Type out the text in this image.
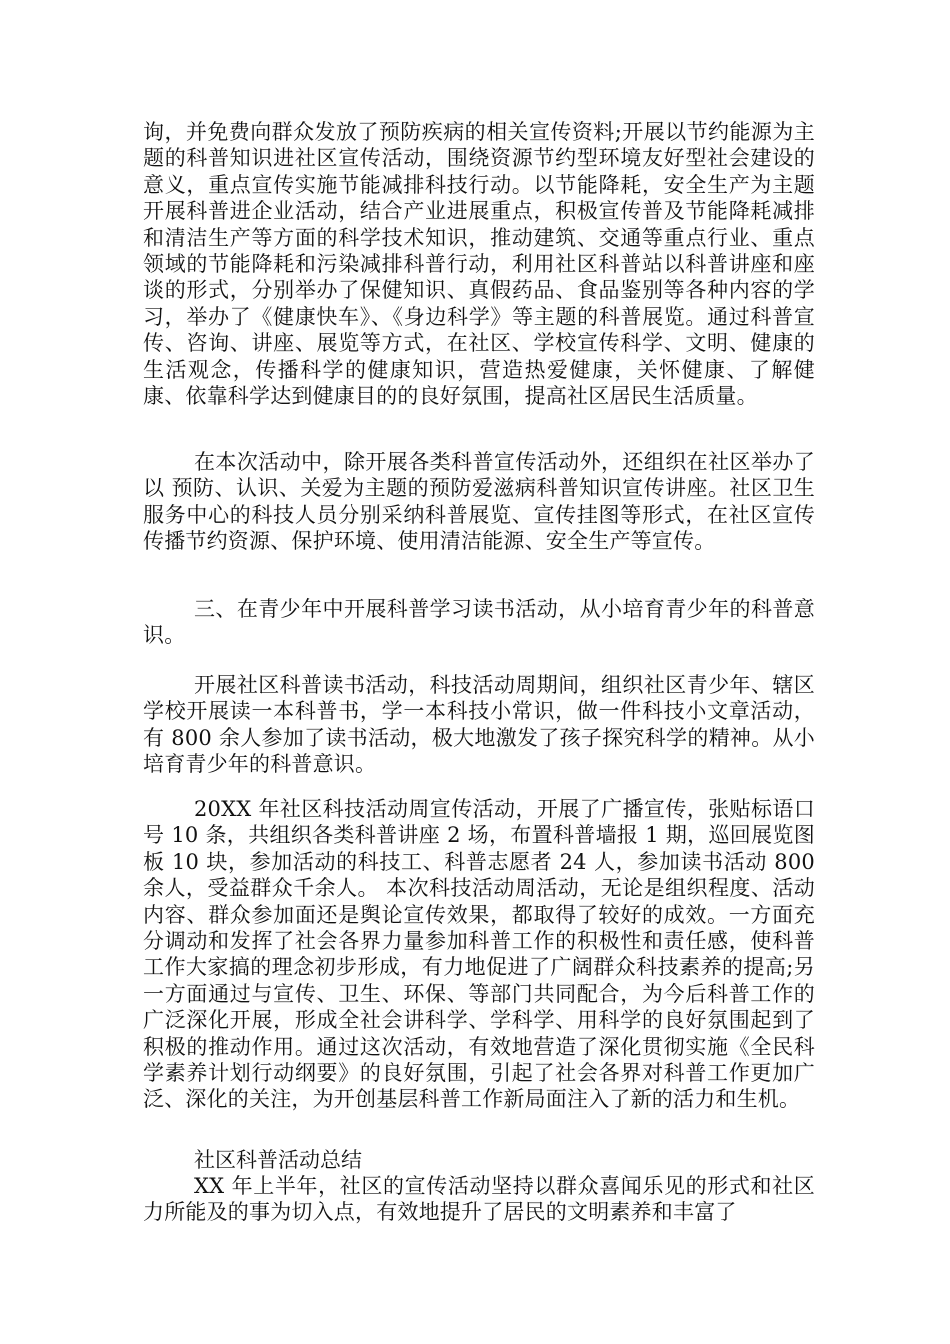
询，并免费向群众发放了预防疾病的相关宣传资料;开展以节约能源为主题的科普知识进社区宣传活动，围绕资源节约型环境友好型社会建设的意义，重点宣传实施节能减排科技行动。以节能降耗，安全生产为主题开展科普进企业活动，结合产业进展重点，积极宣传普及节能降耗减排和清洁生产等方面的科学技术知识，推动建筑、交通等重点行业、重点领域的节能降耗和污染减排科普行动，利用社区科普站以科普讲座和座谈的形式，分别举办了保健知识、真假药品、食品鉴别等各种内容的学习，举办了《健康快车》、《身边科学》等主题的科普展览。通过科普宣传、咨询、讲座、展览等方式，在社区、学校宣传科学、文明、健康的生活观念，传播科学的健康知识，营造热爱健康，关怀健康、了解健康、依靠科学达到健康目的的良好氛围，提高社区居民生活质量。

在本次活动中，除开展各类科普宣传活动外，还组织在社区举办了以 预防、认识、关爱为主题的预防爱滋病科普知识宣传讲座。社区卫生服务中心的科技人员分别采纳科普展览、宣传挂图等形式，在社区宣传传播节约资源、保护环境、使用清洁能源、安全生产等宣传。

三、在青少年中开展科普学习读书活动，从小培育青少年的科普意识。

开展社区科普读书活动，科技活动周期间，组织社区青少年、辖区学校开展读一本科普书，学一本科技小常识，做一件科技小文章活动，有 800 余人参加了读书活动，极大地激发了孩子探究科学的精神。从小培育青少年的科普意识。

20XX 年社区科技活动周宣传活动，开展了广播宣传，张贴标语口号 10 条，共组织各类科普讲座 2 场，布置科普墙报 1 期，巡回展览图板 10 块，参加活动的科技工、科普志愿者 24 人，参加读书活动 800 余人，受益群众千余人。 本次科技活动周活动，无论是组织程度、活动内容、群众参加面还是舆论宣传效果，都取得了较好的成效。一方面充分调动和发挥了社会各界力量参加科普工作的积极性和责任感，使科普工作大家搞的理念初步形成，有力地促进了广阔群众科技素养的提高;另一方面通过与宣传、卫生、环保、等部门共同配合，为今后科普工作的广泛深化开展，形成全社会讲科学、学科学、用科学的良好氛围起到了积极的推动作用。通过这次活动，有效地营造了深化贯彻实施《全民科学素养计划行动纲要》的良好氛围，引起了社会各界对科普工作更加广泛、深化的关注，为开创基层科普工作新局面注入了新的活力和生机。

社区科普活动总结

XX 年上半年，社区的宣传活动坚持以群众喜闻乐见的形式和社区力所能及的事为切入点，有效地提升了居民的文明素养和丰富了
